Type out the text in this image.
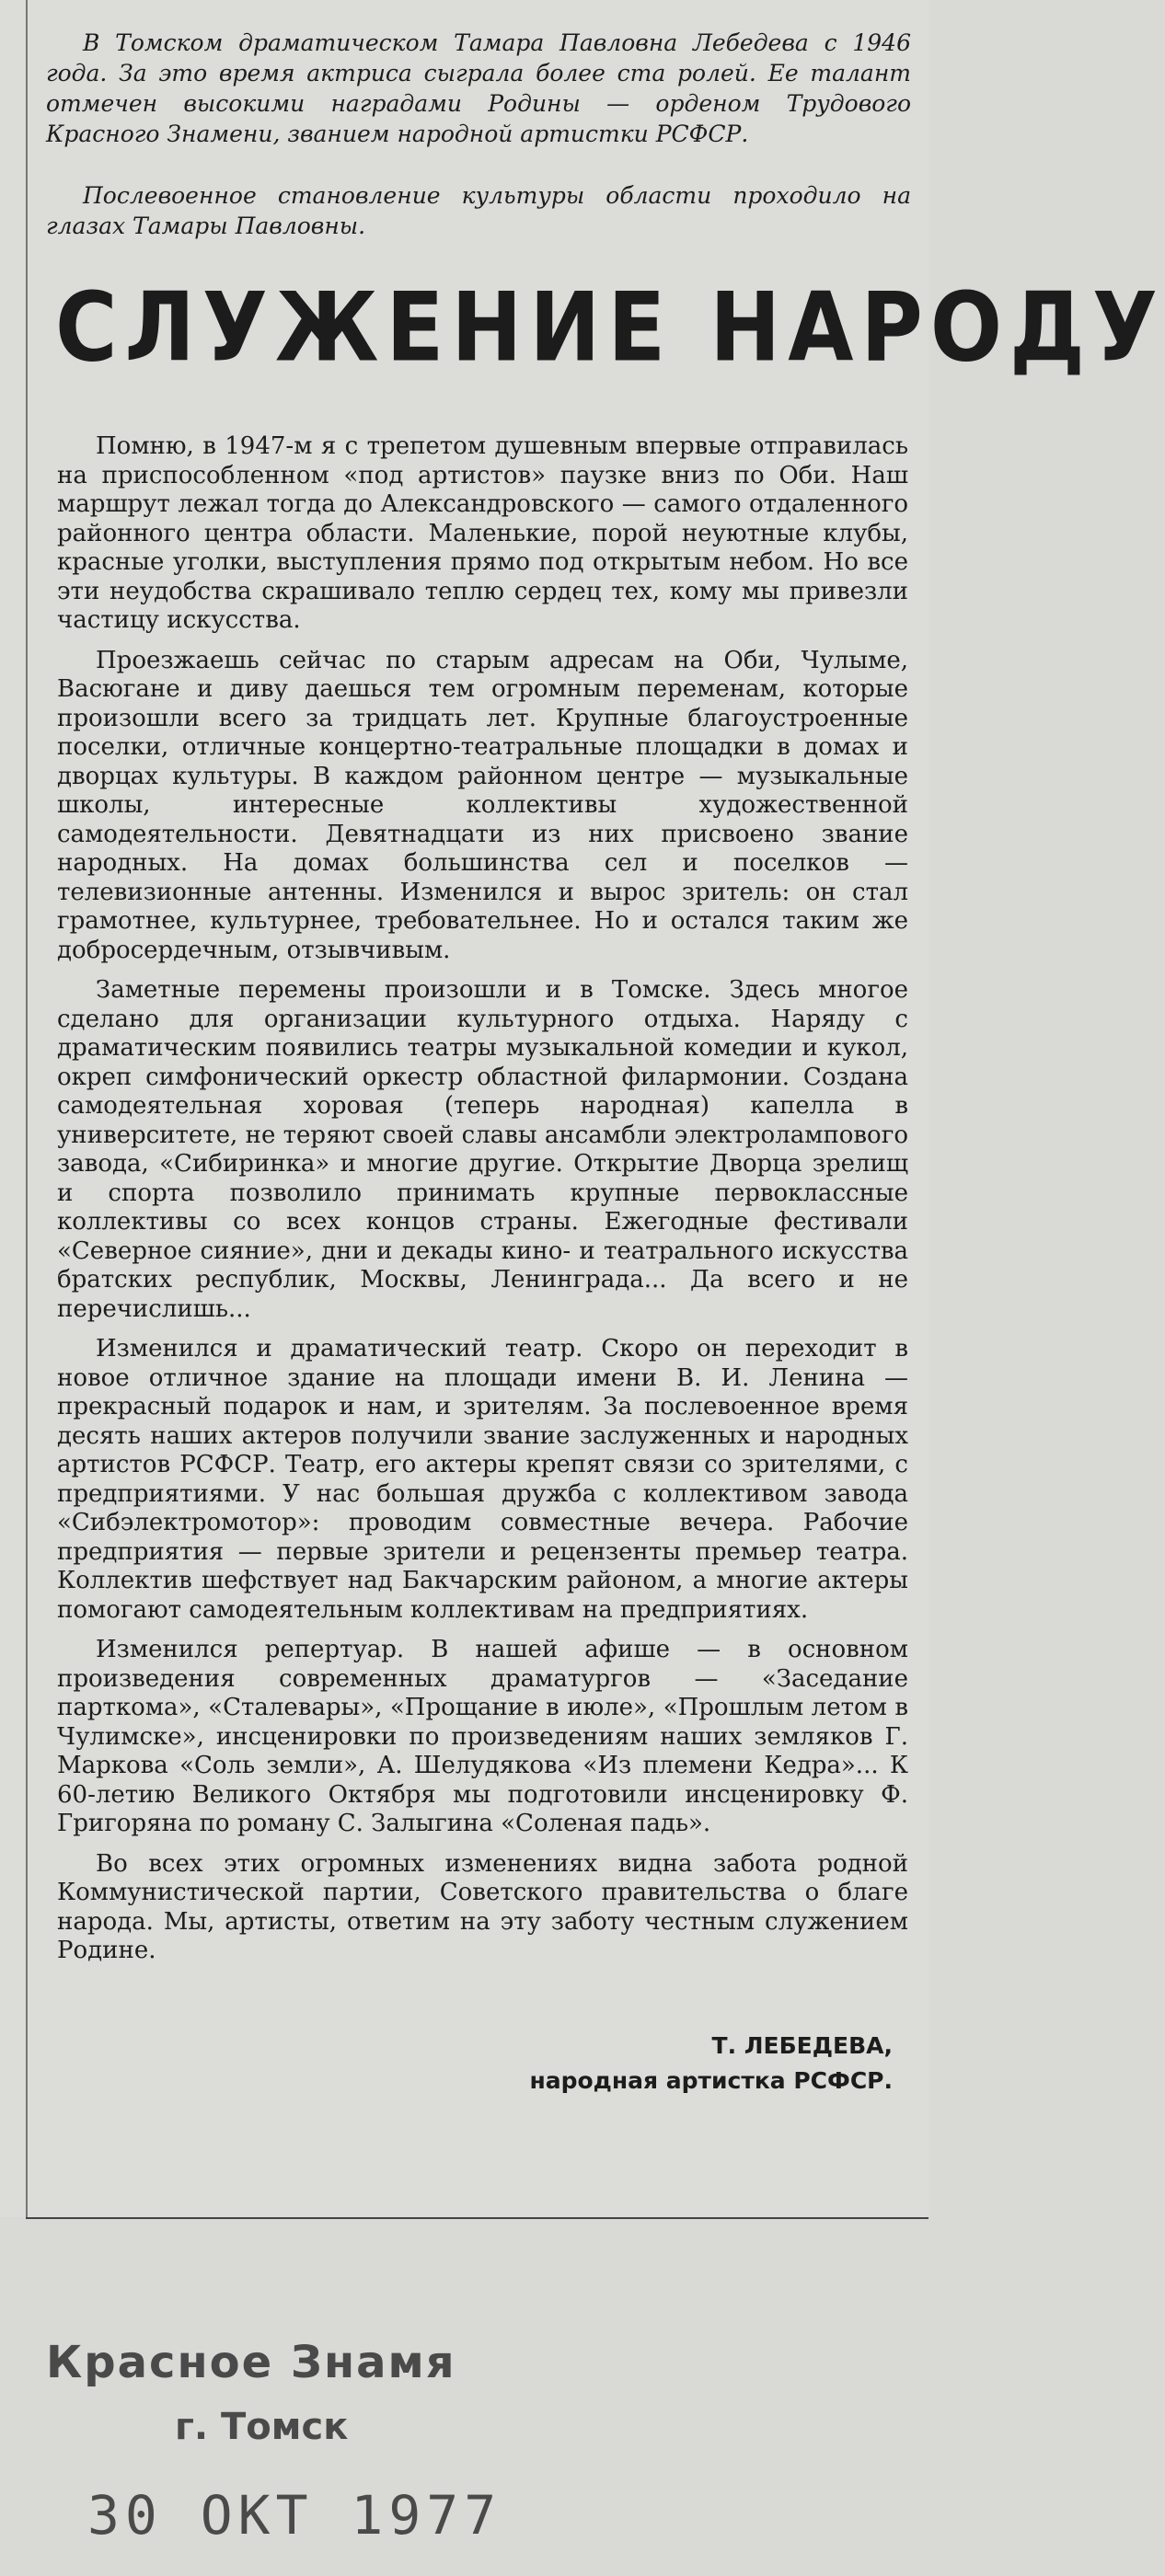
В Томском драматическом Тамара Павловна Лебедева с 1946 года. За это время актриса сыграла более ста ролей. Ее талант отмечен высокими наградами Родины — орденом Трудового Красного Знамени, званием народной артистки РСФСР.

Послевоенное становление культуры области проходило на глазах Тамары Павловны.

СЛУЖЕНИЕ НАРОДУ

Помню, в 1947-м я с трепетом душевным впервые отправилась на приспособленном «под артистов» паузке вниз по Оби. Наш маршрут лежал тогда до Александровского — самого отдаленного районного центра области. Маленькие, порой неуютные клубы, красные уголки, выступления прямо под открытым небом. Но все эти неудобства скрашивало теплю сердец тех, кому мы привезли частицу искусства.

Проезжаешь сейчас по старым адресам на Оби, Чулыме, Васюгане и диву даешься тем огромным переменам, которые произошли всего за тридцать лет. Крупные благоустроенные поселки, отличные концертно-театральные площадки в домах и дворцах культуры. В каждом районном центре — музыкальные школы, интересные коллективы художественной самодеятельности. Девятнадцати из них присвоено звание народных. На домах большинства сел и поселков — телевизионные антенны. Изменился и вырос зритель: он стал грамотнее, культурнее, требовательнее. Но и остался таким же добросердечным, отзывчивым.

Заметные перемены произошли и в Томске. Здесь многое сделано для организации культурного отдыха. Наряду с драматическим появились театры музыкальной комедии и кукол, окреп симфонический оркестр областной филармонии. Создана самодеятельная хоровая (теперь народная) капелла в университете, не теряют своей славы ансамбли электролампового завода, «Сибиринка» и многие другие. Открытие Дворца зрелищ и спорта позволило принимать крупные первоклассные коллективы со всех концов страны. Ежегодные фестивали «Северное сияние», дни и декады кино- и театрального искусства братских республик, Москвы, Ленинграда... Да всего и не перечислишь...

Изменился и драматический театр. Скоро он переходит в новое отличное здание на площади имени В. И. Ленина — прекрасный подарок и нам, и зрителям. За послевоенное время десять наших актеров получили звание заслуженных и народных артистов РСФСР. Театр, его актеры крепят связи со зрителями, с предприятиями. У нас большая дружба с коллективом завода «Сибэлектромотор»: проводим совместные вечера. Рабочие предприятия — первые зрители и рецензенты премьер театра. Коллектив шефствует над Бакчарским районом, а многие актеры помогают самодеятельным коллективам на предприятиях.

Изменился репертуар. В нашей афише — в основном произведения современных драматургов — «Заседание парткома», «Сталевары», «Прощание в июле», «Прошлым летом в Чулимске», инсценировки по произведениям наших земляков Г. Маркова «Соль земли», А. Шелудякова «Из племени Кедра»... К 60-летию Великого Октября мы подготовили инсценировку Ф. Григоряна по роману С. Залыгина «Соленая падь».

Во всех этих огромных изменениях видна забота родной Коммунистической партии, Советского правительства о благе народа. Мы, артисты, ответим на эту заботу честным служением Родине.

Т. ЛЕБЕДЕВА,
народная артистка РСФСР.
Красное Знамя
г. Томск
30 ОКТ 1977
